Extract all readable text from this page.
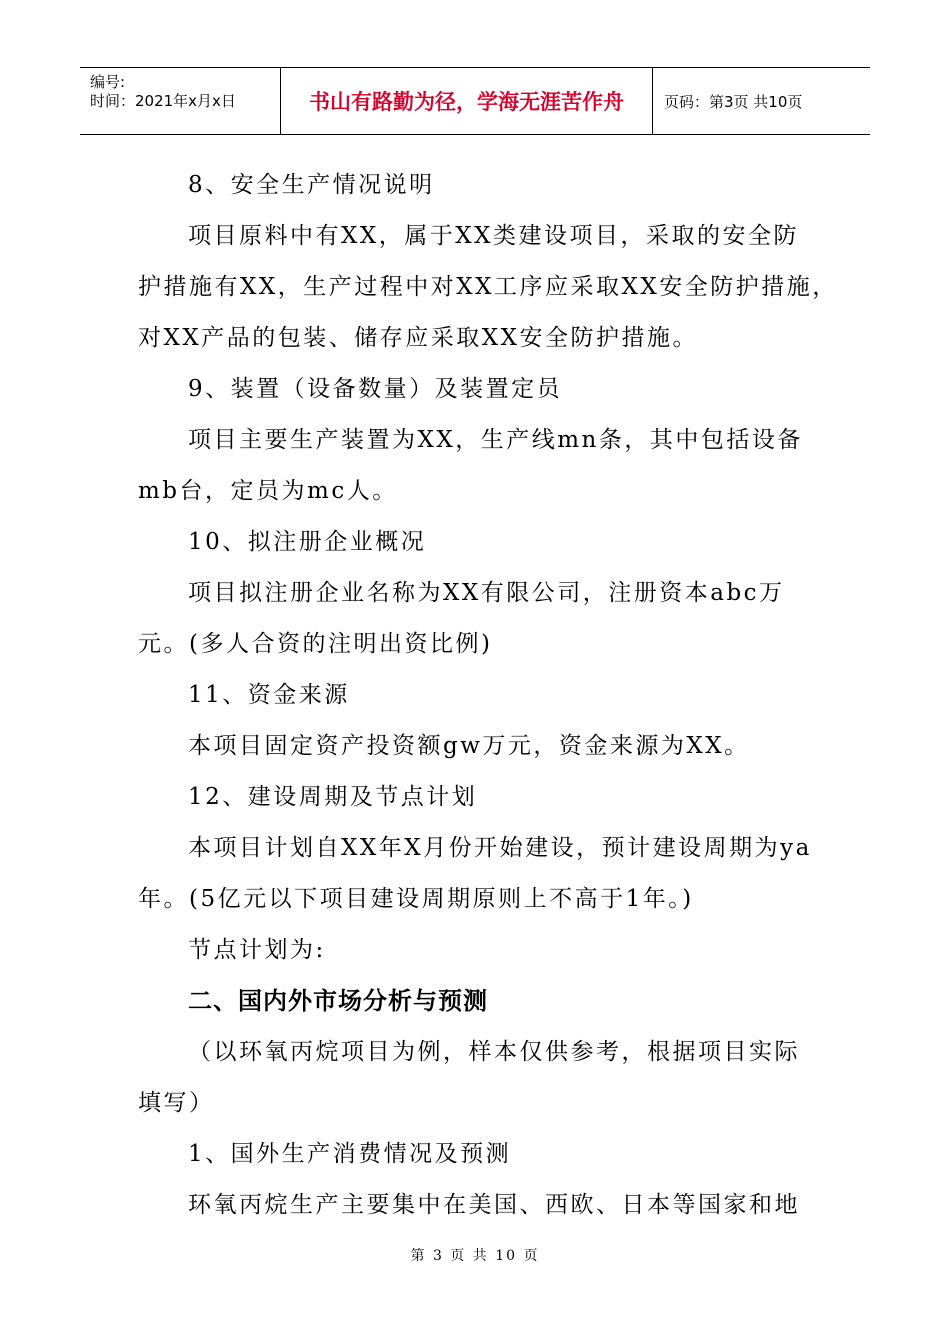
编号:
时间：2021年x月x日	书山有路勤为径，学海无涯苦作舟	页码：第3页 共10页
8、安全生产情况说明
项目原料中有XX，属于XX类建设项目，采取的安全防
护措施有XX，生产过程中对XX工序应采取XX安全防护措施，
对XX产品的包装、储存应采取XX安全防护措施。
9、装置（设备数量）及装置定员
项目主要生产装置为XX，生产线mn条，其中包括设备
mb台，定员为mc人。
10、拟注册企业概况
项目拟注册企业名称为XX有限公司，注册资本abc万
元。(多人合资的注明出资比例)
11、资金来源
本项目固定资产投资额gw万元，资金来源为XX。
12、建设周期及节点计划
本项目计划自XX年X月份开始建设，预计建设周期为ya
年。(5亿元以下项目建设周期原则上不高于1年。)
节点计划为:
二、国内外市场分析与预测
（以环氧丙烷项目为例，样本仅供参考，根据项目实际
填写）
1、国外生产消费情况及预测
环氧丙烷生产主要集中在美国、西欧、日本等国家和地
第 3 页 共 10 页
